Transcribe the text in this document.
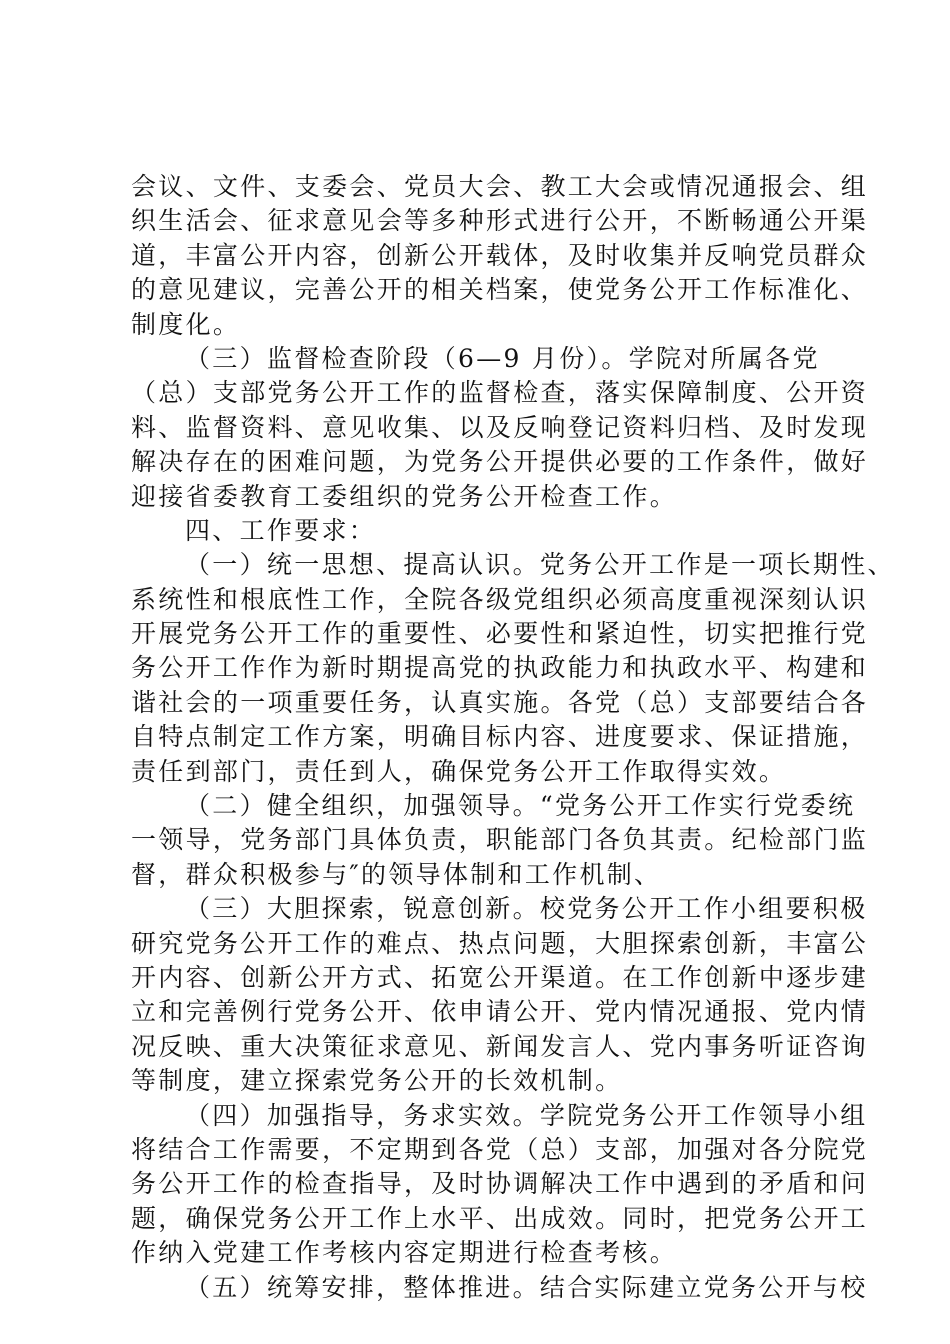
会议、文件、支委会、党员大会、教工大会或情况通报会、组
织生活会、征求意见会等多种形式进行公开，不断畅通公开渠
道，丰富公开内容，创新公开载体，及时收集并反响党员群众
的意见建议，完善公开的相关档案，使党务公开工作标准化、
制度化。
（三）监督检查阶段（6—9 月份）。学院对所属各党
（总）支部党务公开工作的监督检查，落实保障制度、公开资
料、监督资料、意见收集、以及反响登记资料归档、及时发现
解决存在的困难问题，为党务公开提供必要的工作条件，做好
迎接省委教育工委组织的党务公开检查工作。
四、工作要求：
（一）统一思想、提高认识。党务公开工作是一项长期性、
系统性和根底性工作，全院各级党组织必须高度重视深刻认识
开展党务公开工作的重要性、必要性和紧迫性，切实把推行党
务公开工作作为新时期提高党的执政能力和执政水平、构建和
谐社会的一项重要任务，认真实施。各党（总）支部要结合各
自特点制定工作方案，明确目标内容、进度要求、保证措施，
责任到部门，责任到人，确保党务公开工作取得实效。
（二）健全组织，加强领导。“党务公开工作实行党委统
一领导，党务部门具体负责，职能部门各负其责。纪检部门监
督，群众积极参与″的领导体制和工作机制、
（三）大胆探索，锐意创新。校党务公开工作小组要积极
研究党务公开工作的难点、热点问题，大胆探索创新，丰富公
开内容、创新公开方式、拓宽公开渠道。在工作创新中逐步建
立和完善例行党务公开、依申请公开、党内情况通报、党内情
况反映、重大决策征求意见、新闻发言人、党内事务听证咨询
等制度，建立探索党务公开的长效机制。
（四）加强指导，务求实效。学院党务公开工作领导小组
将结合工作需要，不定期到各党（总）支部，加强对各分院党
务公开工作的检查指导，及时协调解决工作中遇到的矛盾和问
题，确保党务公开工作上水平、出成效。同时，把党务公开工
作纳入党建工作考核内容定期进行检查考核。
（五）统筹安排，整体推进。结合实际建立党务公开与校
